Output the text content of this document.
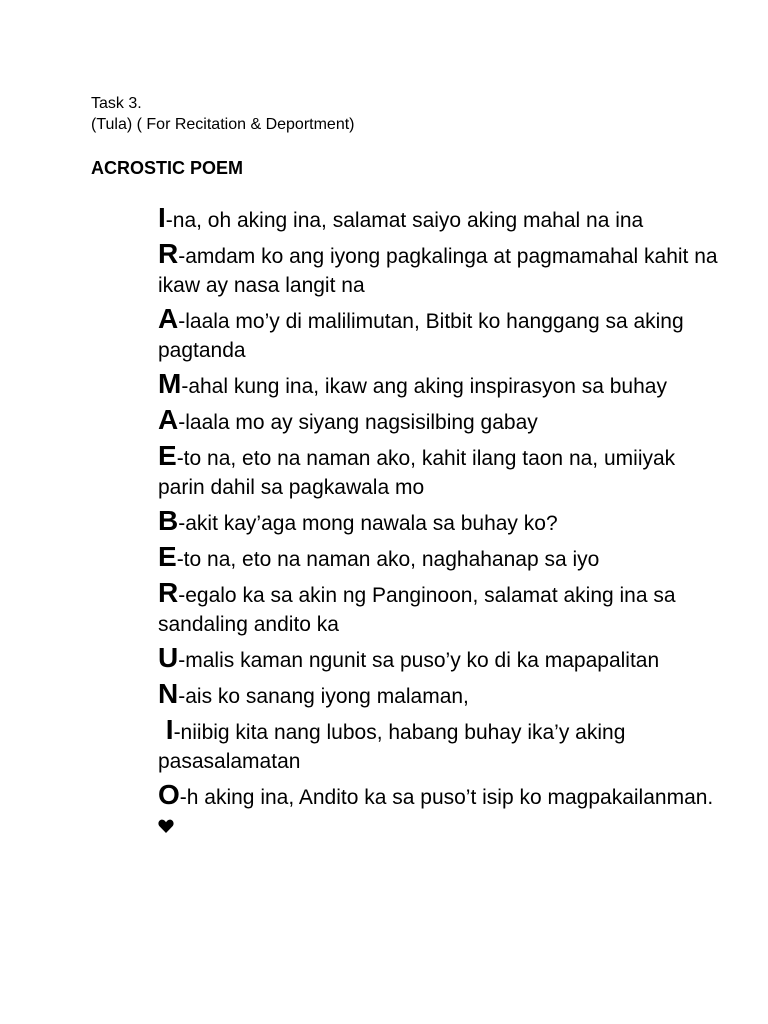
Task 3.
(Tula) ( For Recitation & Deportment)
ACROSTIC POEM
I-na, oh aking ina, salamat saiyo aking mahal na ina
R-amdam ko ang iyong pagkalinga at pagmamahal kahit na ikaw ay nasa langit na
A-laala mo’y di malilimutan, Bitbit ko hanggang sa aking pagtanda
M-ahal kung ina, ikaw ang aking inspirasyon sa buhay
A-laala mo ay siyang nagsisilbing gabay
E-to na, eto na naman ako, kahit ilang taon na, umiiyak parin dahil sa pagkawala mo
B-akit kay’aga mong nawala sa buhay ko?
E-to na, eto na naman ako, naghahanap sa iyo
R-egalo ka sa akin ng Panginoon, salamat aking ina sa sandaling andito ka
U-malis kaman ngunit sa puso’y ko di ka mapapalitan
N-ais ko sanang iyong malaman,
I-niibig kita nang lubos, habang buhay ika’y aking pasasalamatan
O-h aking ina, Andito ka sa puso’t isip ko magpakailanman.
